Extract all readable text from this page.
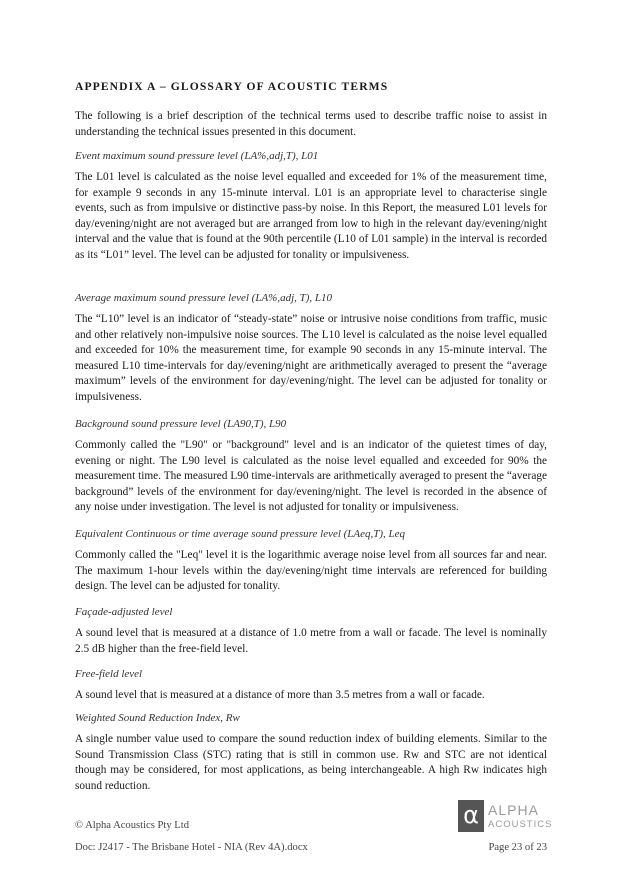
APPENDIX A – GLOSSARY OF ACOUSTIC TERMS

The following is a brief description of the technical terms used to describe traffic noise to assist in understanding the technical issues presented in this document.

Event maximum sound pressure level (LA%,adj,T), L01

The L01 level is calculated as the noise level equalled and exceeded for 1% of the measurement time, for example 9 seconds in any 15-minute interval. L01 is an appropriate level to characterise single events, such as from impulsive or distinctive pass-by noise. In this Report, the measured L01 levels for day/evening/night are not averaged but are arranged from low to high in the relevant day/evening/night interval and the value that is found at the 90th percentile (L10 of L01 sample) in the interval is recorded as its “L01” level. The level can be adjusted for tonality or impulsiveness.

Average maximum sound pressure level (LA%,adj, T), L10

The “L10” level is an indicator of “steady-state” noise or intrusive noise conditions from traffic, music and other relatively non-impulsive noise sources. The L10 level is calculated as the noise level equalled and exceeded for 10% the measurement time, for example 90 seconds in any 15-minute interval. The measured L10 time-intervals for day/evening/night are arithmetically averaged to present the “average maximum” levels of the environment for day/evening/night. The level can be adjusted for tonality or impulsiveness.

Background sound pressure level (LA90,T), L90

Commonly called the "L90" or "background" level and is an indicator of the quietest times of day, evening or night. The L90 level is calculated as the noise level equalled and exceeded for 90% the measurement time. The measured L90 time-intervals are arithmetically averaged to present the “average background” levels of the environment for day/evening/night. The level is recorded in the absence of any noise under investigation. The level is not adjusted for tonality or impulsiveness.

Equivalent Continuous or time average sound pressure level (LAeq,T), Leq

Commonly called the "Leq" level it is the logarithmic average noise level from all sources far and near. The maximum 1-hour levels within the day/evening/night time intervals are referenced for building design. The level can be adjusted for tonality.

Façade-adjusted level

A sound level that is measured at a distance of 1.0 metre from a wall or facade. The level is nominally 2.5 dB higher than the free-field level.

Free-field level

A sound level that is measured at a distance of more than 3.5 metres from a wall or facade.

Weighted Sound Reduction Index, Rw

A single number value used to compare the sound reduction index of building elements. Similar to the Sound Transmission Class (STC) rating that is still in common use. Rw and STC are not identical though may be considered, for most applications, as being interchangeable. A high Rw indicates high sound reduction.

© Alpha Acoustics Pty Ltd
Doc: J2417 - The Brisbane Hotel - NIA (Rev 4A).docx	Page 23 of 23
α ALPHA
ACOUSTICS
